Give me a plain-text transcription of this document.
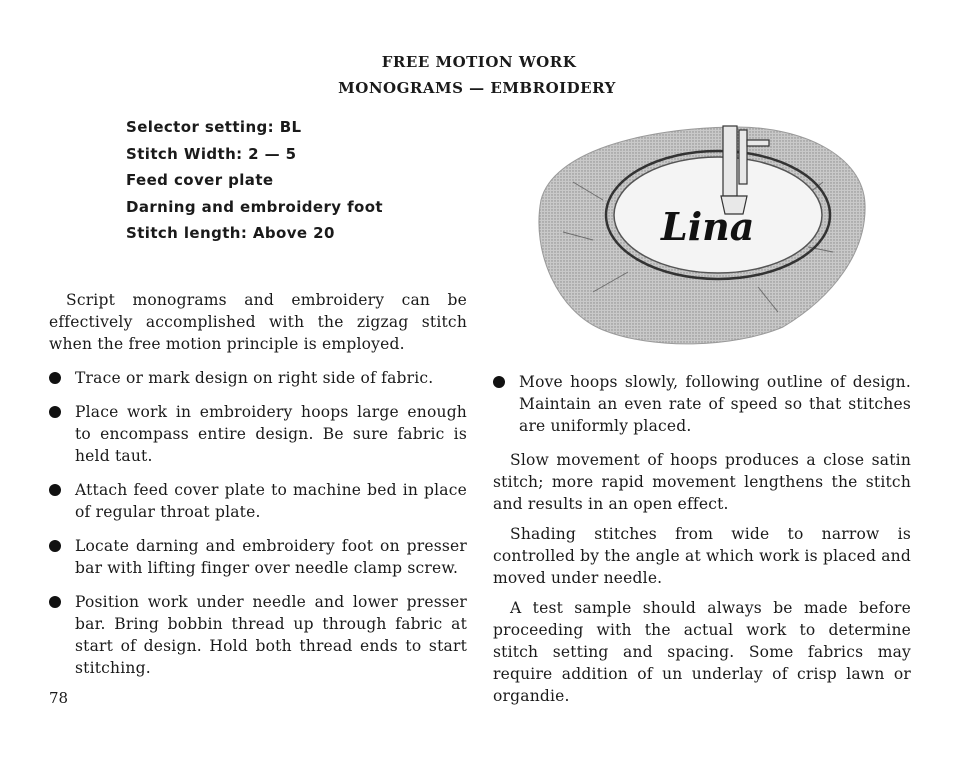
FREE MOTION WORK
MONOGRAMS — EMBROIDERY
Selector setting: BL
Stitch Width: 2 — 5
Feed cover plate
Darning and embroidery foot
Stitch length: Above 20	Lina

Script monograms and embroidery can be effectively accomplished with the zigzag stitch when the free motion principle is employed.

Trace or mark design on right side of fabric.
Place work in embroidery hoops large enough to encompass entire design. Be sure fabric is held taut.
Attach feed cover plate to machine bed in place of regular throat plate.
Locate darning and embroidery foot on presser bar with lifting finger over needle clamp screw.
Position work under needle and lower presser bar. Bring bobbin thread up through fabric at start of design. Hold both thread ends to start stitching.
Move hoops slowly, following outline of design. Maintain an even rate of speed so that stitches are uniformly placed.

Slow movement of hoops produces a close satin stitch; more rapid movement lengthens the stitch and results in an open effect.

Shading stitches from wide to narrow is controlled by the angle at which work is placed and moved under needle.

A test sample should always be made before proceeding with the actual work to determine stitch setting and spacing. Some fabrics may require addition of un underlay of crisp lawn or organdie.

78
